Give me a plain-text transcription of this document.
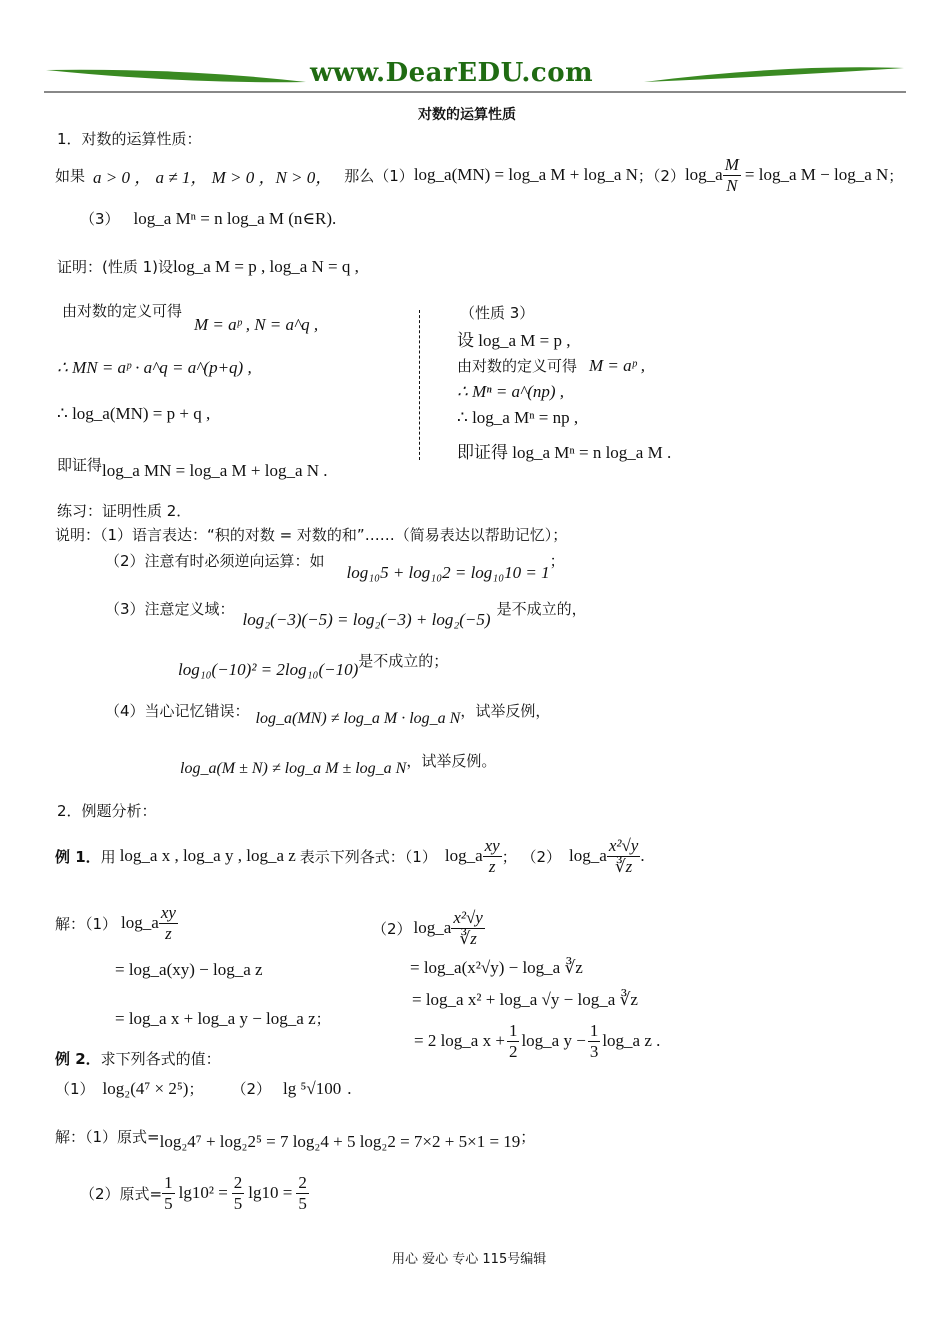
www.DearEDU.com
对数的运算性质
1．对数的运算性质：
如果 a > 0 ， a ≠ 1， M > 0 ，N > 0， 那么（1） log_a(MN) = log_a M + log_a N ；（2） log_a $\frac{M}{N}$ = log_a M − log_a N ；
（3） log_a Mⁿ = n log_a M (n∈R) .
证明：(性质 1)设 log_a M = p , log_a N = q ,
由对数的定义可得
M = aᵖ , N = a^q ,
∴ MN = aᵖ · a^q = a^(p+q) ,
∴ log_a(MN) = p + q ,
即证得 log_a MN = log_a M + log_a N .
（性质 3）
设 log_a M = p ,
由对数的定义可得 M = aᵖ ,
∴ Mⁿ = a^(np) ,
∴ log_a Mⁿ = np ,
即证得 log_a Mⁿ = n log_a M .
练习：证明性质 2．
说明：（1）语言表达：“积的对数 = 对数的和”……（简易表达以帮助记忆）；
（2）注意有时必须逆向运算：如
log₁₀5 + log₁₀2 = log₁₀10 = 1
；
（3）注意定义域：
log₂(−3)(−5) = log₂(−3) + log₂(−5)
是不成立的，
log₁₀(−10)² = 2log₁₀(−10) 是不成立的；
（4）当心记忆错误： log_a(MN) ≠ log_a M · log_a N ，试举反例，
log_a(M ± N) ≠ log_a M ± log_a N ，试举反例。
2．例题分析：
例 1． 用 log_a x , log_a y , log_a z 表示下列各式：（1） log_a $\frac{xy}{z}$ ； （2） log_a $\frac{\text{x²√y}}{∛z}$ .
解：（1） log_a $\frac{xy}{z}$
= log_a(xy) − log_a z
= log_a x + log_a y − log_a z ；
（2） log_a $\frac{\text{x²√y}}{∛z}$
= log_a(x²√y) − log_a ∛z
= log_a x² + log_a √y − log_a ∛z
= 2 log_a $x + \frac{1}{2}$ log_a $y - \frac{1}{3}$ log_a z .
例 2． 求下列各式的值：
（1） log₂(4⁷ × 2⁵) ； （2） lg ⁵√100 .
解：（1）原式= log₂4⁷ + log₂2⁵ = 7 log₂4 + 5 log₂2 = 7×2 + 5×1 = 19 ；
（2）原式= $\frac{1}{5} \lg 10^2 = \frac{2}{5} \lg 10 = \frac{2}{5}$
用心 爱心 专心 115号编辑
